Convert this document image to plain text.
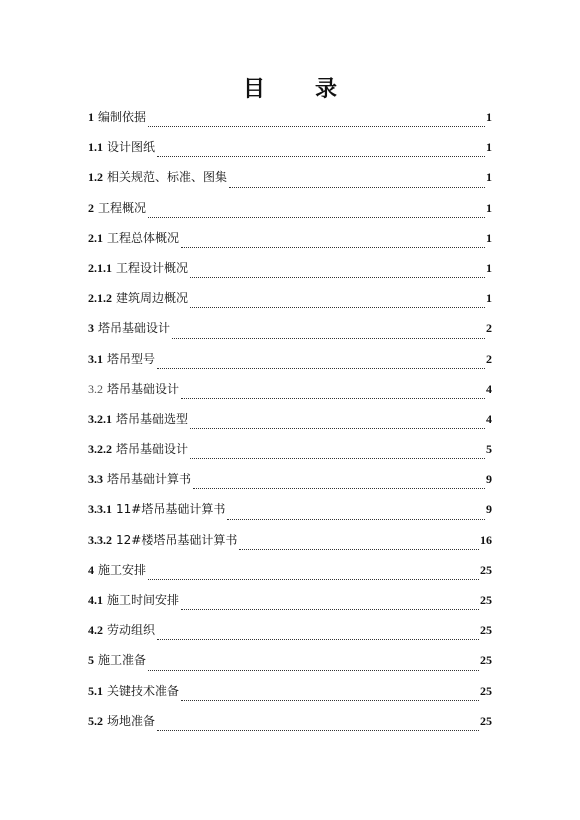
目 录
1 编制依据	1
1.1 设计图纸	1
1.2 相关规范、标准、图集	1
2 工程概况	1
2.1 工程总体概况	1
2.1.1 工程设计概况	1
2.1.2 建筑周边概况	1
3 塔吊基础设计	2
3.1 塔吊型号	2
3.2 塔吊基础设计	4
3.2.1 塔吊基础选型	4
3.2.2 塔吊基础设计	5
3.3 塔吊基础计算书	9
3.3.1 11#塔吊基础计算书	9
3.3.2 12#楼塔吊基础计算书	16
4 施工安排	25
4.1 施工时间安排	25
4.2 劳动组织	25
5 施工准备	25
5.1 关键技术准备	25
5.2 场地准备	25
